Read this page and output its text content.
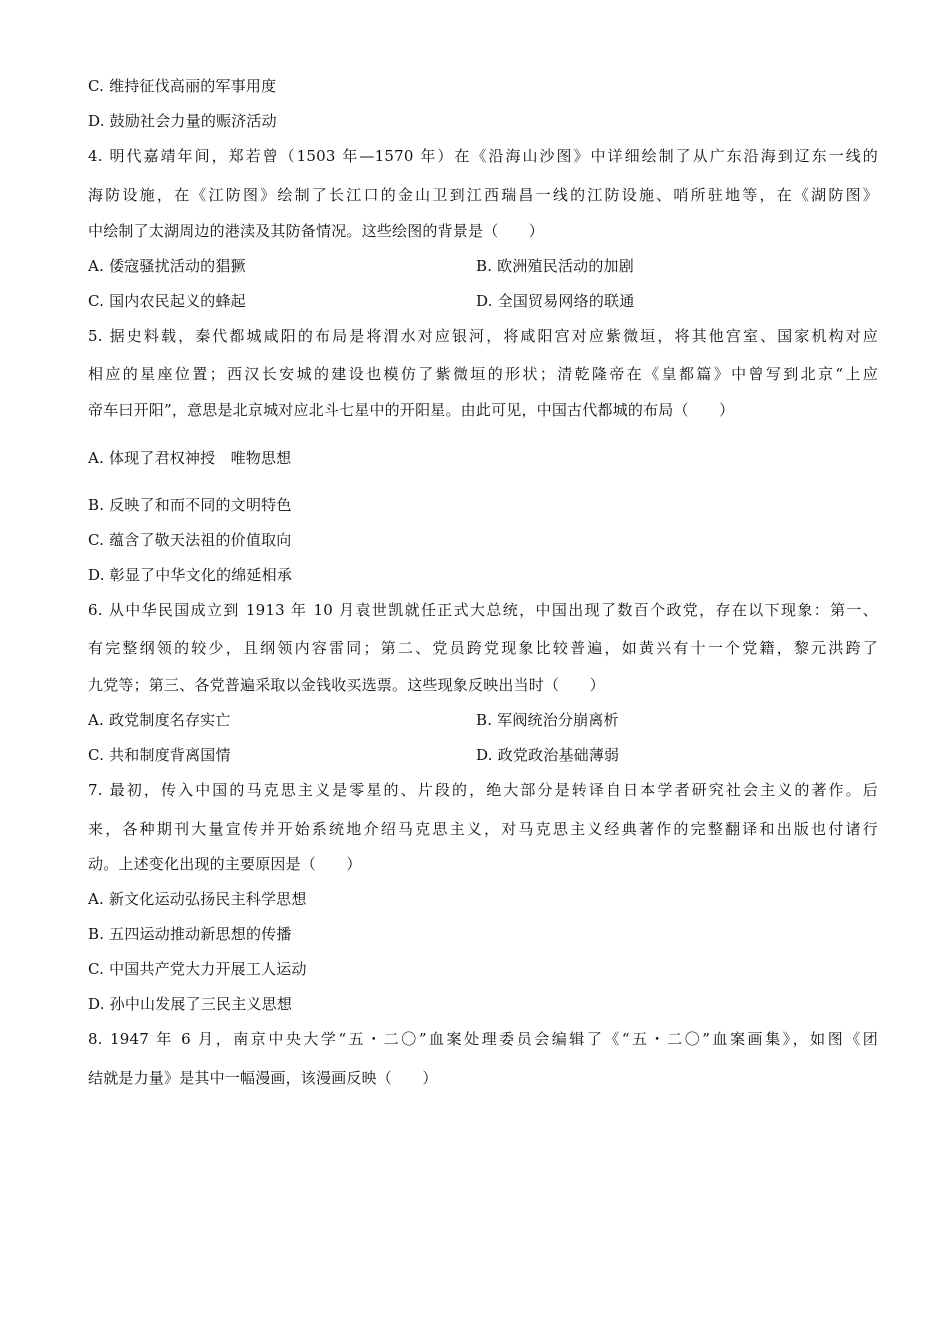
C. 维持征伐高丽的军事用度
D. 鼓励社会力量的赈济活动
4. 明代嘉靖年间，郑若曾（1503 年—1570 年）在《沿海山沙图》中详细绘制了从广东沿海到辽东一线的
海防设施，在《江防图》绘制了长江口的金山卫到江西瑞昌一线的江防设施、哨所驻地等，在《湖防图》
中绘制了太湖周边的港渎及其防备情况。这些绘图的背景是（　　）
A. 倭寇骚扰活动的猖獗	B. 欧洲殖民活动的加剧
C. 国内农民起义的蜂起	D. 全国贸易网络的联通
5. 据史料载，秦代都城咸阳的布局是将渭水对应银河，将咸阳宫对应紫微垣，将其他宫室、国家机构对应
相应的星座位置；西汉长安城的建设也模仿了紫微垣的形状；清乾隆帝在《皇都篇》中曾写到北京“上应
帝车曰开阳”，意思是北京城对应北斗七星中的开阳星。由此可见，中国古代都城的布局（　　）
A. 体现了君权神授　唯物思想
B. 反映了和而不同的文明特色
C. 蕴含了敬天法祖的价值取向
D. 彰显了中华文化的绵延相承
6. 从中华民国成立到 1913 年 10 月袁世凯就任正式大总统，中国出现了数百个政党，存在以下现象：第一、
有完整纲领的较少，且纲领内容雷同；第二、党员跨党现象比较普遍，如黄兴有十一个党籍，黎元洪跨了
九党等；第三、各党普遍采取以金钱收买选票。这些现象反映出当时（　　）
A. 政党制度名存实亡	B. 军阀统治分崩离析
C. 共和制度背离国情	D. 政党政治基础薄弱
7. 最初，传入中国的马克思主义是零星的、片段的，绝大部分是转译自日本学者研究社会主义的著作。后
来，各种期刊大量宣传并开始系统地介绍马克思主义，对马克思主义经典著作的完整翻译和出版也付诸行
动。上述变化出现的主要原因是（　　）
A. 新文化运动弘扬民主科学思想
B. 五四运动推动新思想的传播
C. 中国共产党大力开展工人运动
D. 孙中山发展了三民主义思想
8. 1947 年 6 月，南京中央大学“五・二〇”血案处理委员会编辑了《“五・二〇”血案画集》，如图《团
结就是力量》是其中一幅漫画，该漫画反映（　　）
